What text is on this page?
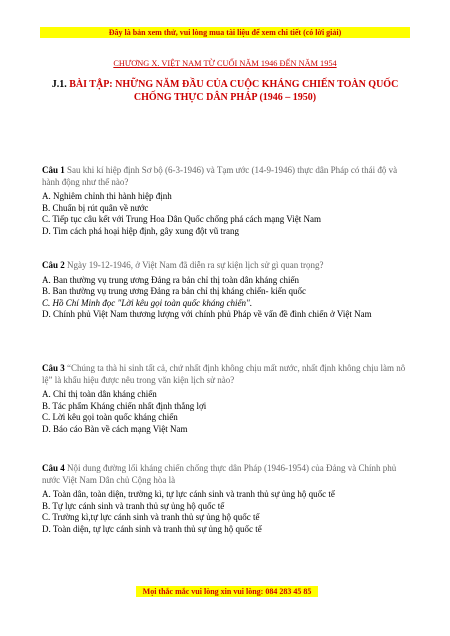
Đây là bản xem thử, vui lòng mua tài liệu để xem chi tiết (có lời giải)
CHƯƠNG X. VIỆT NAM TỪ CUỐI NĂM 1946 ĐẾN NĂM 1954
J.1. BÀI TẬP: NHỮNG NĂM ĐẦU CỦA CUỘC KHÁNG CHIẾN TOÀN QUỐC CHỐNG THỰC DÂN PHÁP (1946 – 1950)
Câu 1 Sau khi kí hiệp định Sơ bộ (6-3-1946) và Tạm ước (14-9-1946) thực dân Pháp có thái độ và hành động như thế nào?
A. Nghiêm chỉnh thi hành hiệp định
B. Chuẩn bị rút quân về nước
C. Tiếp tục câu kết với Trung Hoa Dân Quốc chống phá cách mạng Việt Nam
D. Tìm cách phá hoại hiệp định, gây xung đột vũ trang
Câu 2 Ngày 19-12-1946, ở Việt Nam đã diễn ra sự kiện lịch sử gì quan trọng?
A. Ban thường vụ trung ương Đảng ra bản chỉ thị toàn dân kháng chiến
B. Ban thường vụ trung ương Đảng ra bản chỉ thị kháng chiến- kiến quốc
C. Hồ Chí Minh đọc "Lời kêu gọi toàn quốc kháng chiến".
D. Chính phủ Việt Nam thương lượng với chính phủ Pháp về vấn đề đình chiến ở Việt Nam
Câu 3 “Chúng ta thà hi sinh tất cả, chứ nhất định không chịu mất nước, nhất định không chịu làm nô lệ” là khẩu hiệu được nêu trong văn kiện lịch sử nào?
A. Chỉ thị toàn dân kháng chiến
B. Tác phẩm Kháng chiến nhất định thắng lợi
C. Lời kêu gọi toàn quốc kháng chiến
D. Báo cáo Bàn về cách mạng Việt Nam
Câu 4 Nội dung đường lối kháng chiến chống thực dân Pháp (1946-1954) của Đảng và Chính phủ nước Việt Nam Dân chủ Cộng hòa là
A. Toàn dân, toàn diện, trường kì, tự lực cánh sinh và tranh thủ sự ủng hộ quốc tế
B. Tự lực cánh sinh và tranh thủ sự ủng hộ quốc tế
C. Trường kì,tự lực cánh sinh và tranh thủ sự ủng hộ quốc tế
D. Toàn diện, tự lực cánh sinh và tranh thủ sự ủng hộ quốc tế
Mọi thắc mắc vui lòng xin vui lòng: 084 283 45 85
